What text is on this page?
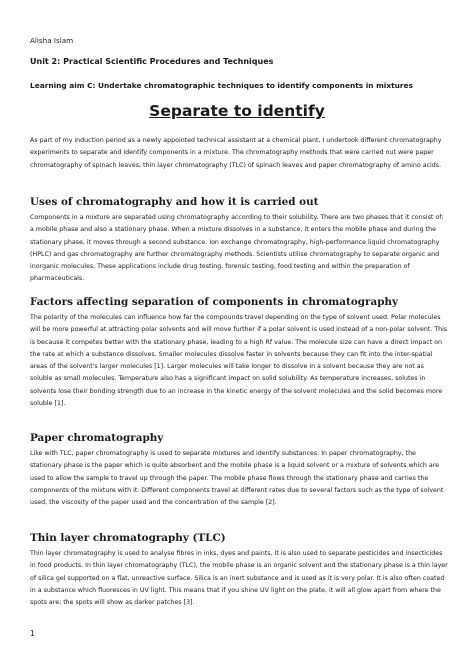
Alisha Islam
Unit 2: Practical Scientific Procedures and Techniques
Learning aim C: Undertake chromatographic techniques to identify components in mixtures
Separate to identify

As part of my induction period as a newly appointed technical assistant at a chemical plant, I undertook different chromatography experiments to separate and identify components in a mixture. The chromatography methods that were carried out were paper chromatography of spinach leaves, thin layer chromatography (TLC) of spinach leaves and paper chromatography of amino acids.

Uses of chromatography and how it is carried out

Components in a mixture are separated using chromatography according to their solubility. There are two phases that it consist of; a mobile phase and also a stationary phase. When a mixture dissolves in a substance, it enters the mobile phase and during the stationary phase, it moves through a second substance. Ion exchange chromatography, high-performance liquid chromatography (HPLC) and gas chromatography are further chromatography methods. Scientists utilise chromatography to separate organic and inorganic molecules. These applications include drug testing, forensic testing, food testing and within the preparation of pharmaceuticals.

Factors affecting separation of components in chromatography

The polarity of the molecules can influence how far the compounds travel depending on the type of solvent used. Polar molecules will be more powerful at attracting polar solvents and will move further if a polar solvent is used instead of a non-polar solvent. This is because it competes better with the stationary phase, leading to a high Rf value. The molecule size can have a direct impact on the rate at which a substance dissolves. Smaller molecules dissolve faster in solvents because they can fit into the inter-spatial areas of the solvent's larger molecules [1]. Larger molecules will take longer to dissolve in a solvent because they are not as soluble as small molecules. Temperature also has a significant impact on solid solubility. As temperature increases, solutes in solvents lose their bonding strength due to an increase in the kinetic energy of the solvent molecules and the solid becomes more soluble [1].

Paper chromatography

Like with TLC, paper chromatography is used to separate mixtures and identify substances. In paper chromatography, the stationary phase is the paper which is quite absorbent and the mobile phase is a liquid solvent or a mixture of solvents which are used to allow the sample to travel up through the paper. The mobile phase flows through the stationary phase and carries the components of the mixture with it. Different components travel at different rates due to several factors such as the type of solvent used, the viscosity of the paper used and the concentration of the sample [2].

Thin layer chromatography (TLC)

Thin layer chromatography is used to analyse fibres in inks, dyes and paints. It is also used to separate pesticides and insecticides in food products. In thin layer chromatography (TLC), the mobile phase is an organic solvent and the stationary phase is a thin layer of silica gel supported on a flat, unreactive surface. Silica is an inert substance and is used as it is very polar. It is also often coated in a substance which fluoresces in UV light. This means that if you shine UV light on the plate, it will all glow apart from where the spots are; the spots will show as darker patches [3].

1
